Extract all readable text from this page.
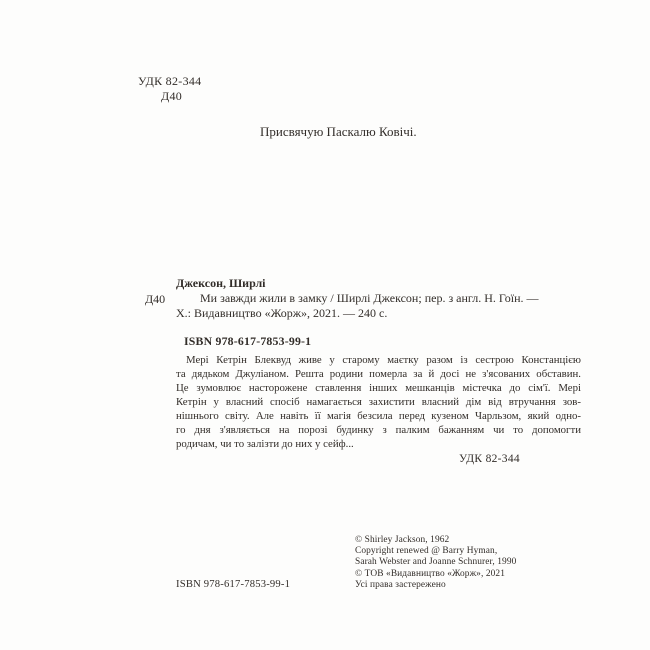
УДК 82-344
Д40
Присвячую Паскалю Ковічі.
Д40
Джексон, Ширлі
Ми завжди жили в замку / Ширлі Джексон; пер. з англ. Н. Гоїн. —
Х.: Видавництво «Жорж», 2021. — 240 с.
ISBN 978-617-7853-99-1
Мері Кетрін Блеквуд живе у старому маєтку разом із сестрою Констанцією
та дядьком Джуліаном. Решта родини померла за й досі не з'ясованих обставин.
Це зумовлює насторожене ставлення інших мешканців містечка до сім'ї. Мері
Кетрін у власний спосіб намагається захистити власний дім від втручання зов-
нішнього світу. Але навіть її магія безсила перед кузеном Чарльзом, який одно-
го дня з'являється на порозі будинку з палким бажанням чи то допомогти
родичам, чи то залізти до них у сейф...
УДК 82-344
© Shirley Jackson, 1962
Copyright renewed @ Barry Hyman,
Sarah Webster and Joanne Schnurer, 1990
© ТОВ «Видавництво «Жорж», 2021
Усі права застережено
ISBN 978-617-7853-99-1
